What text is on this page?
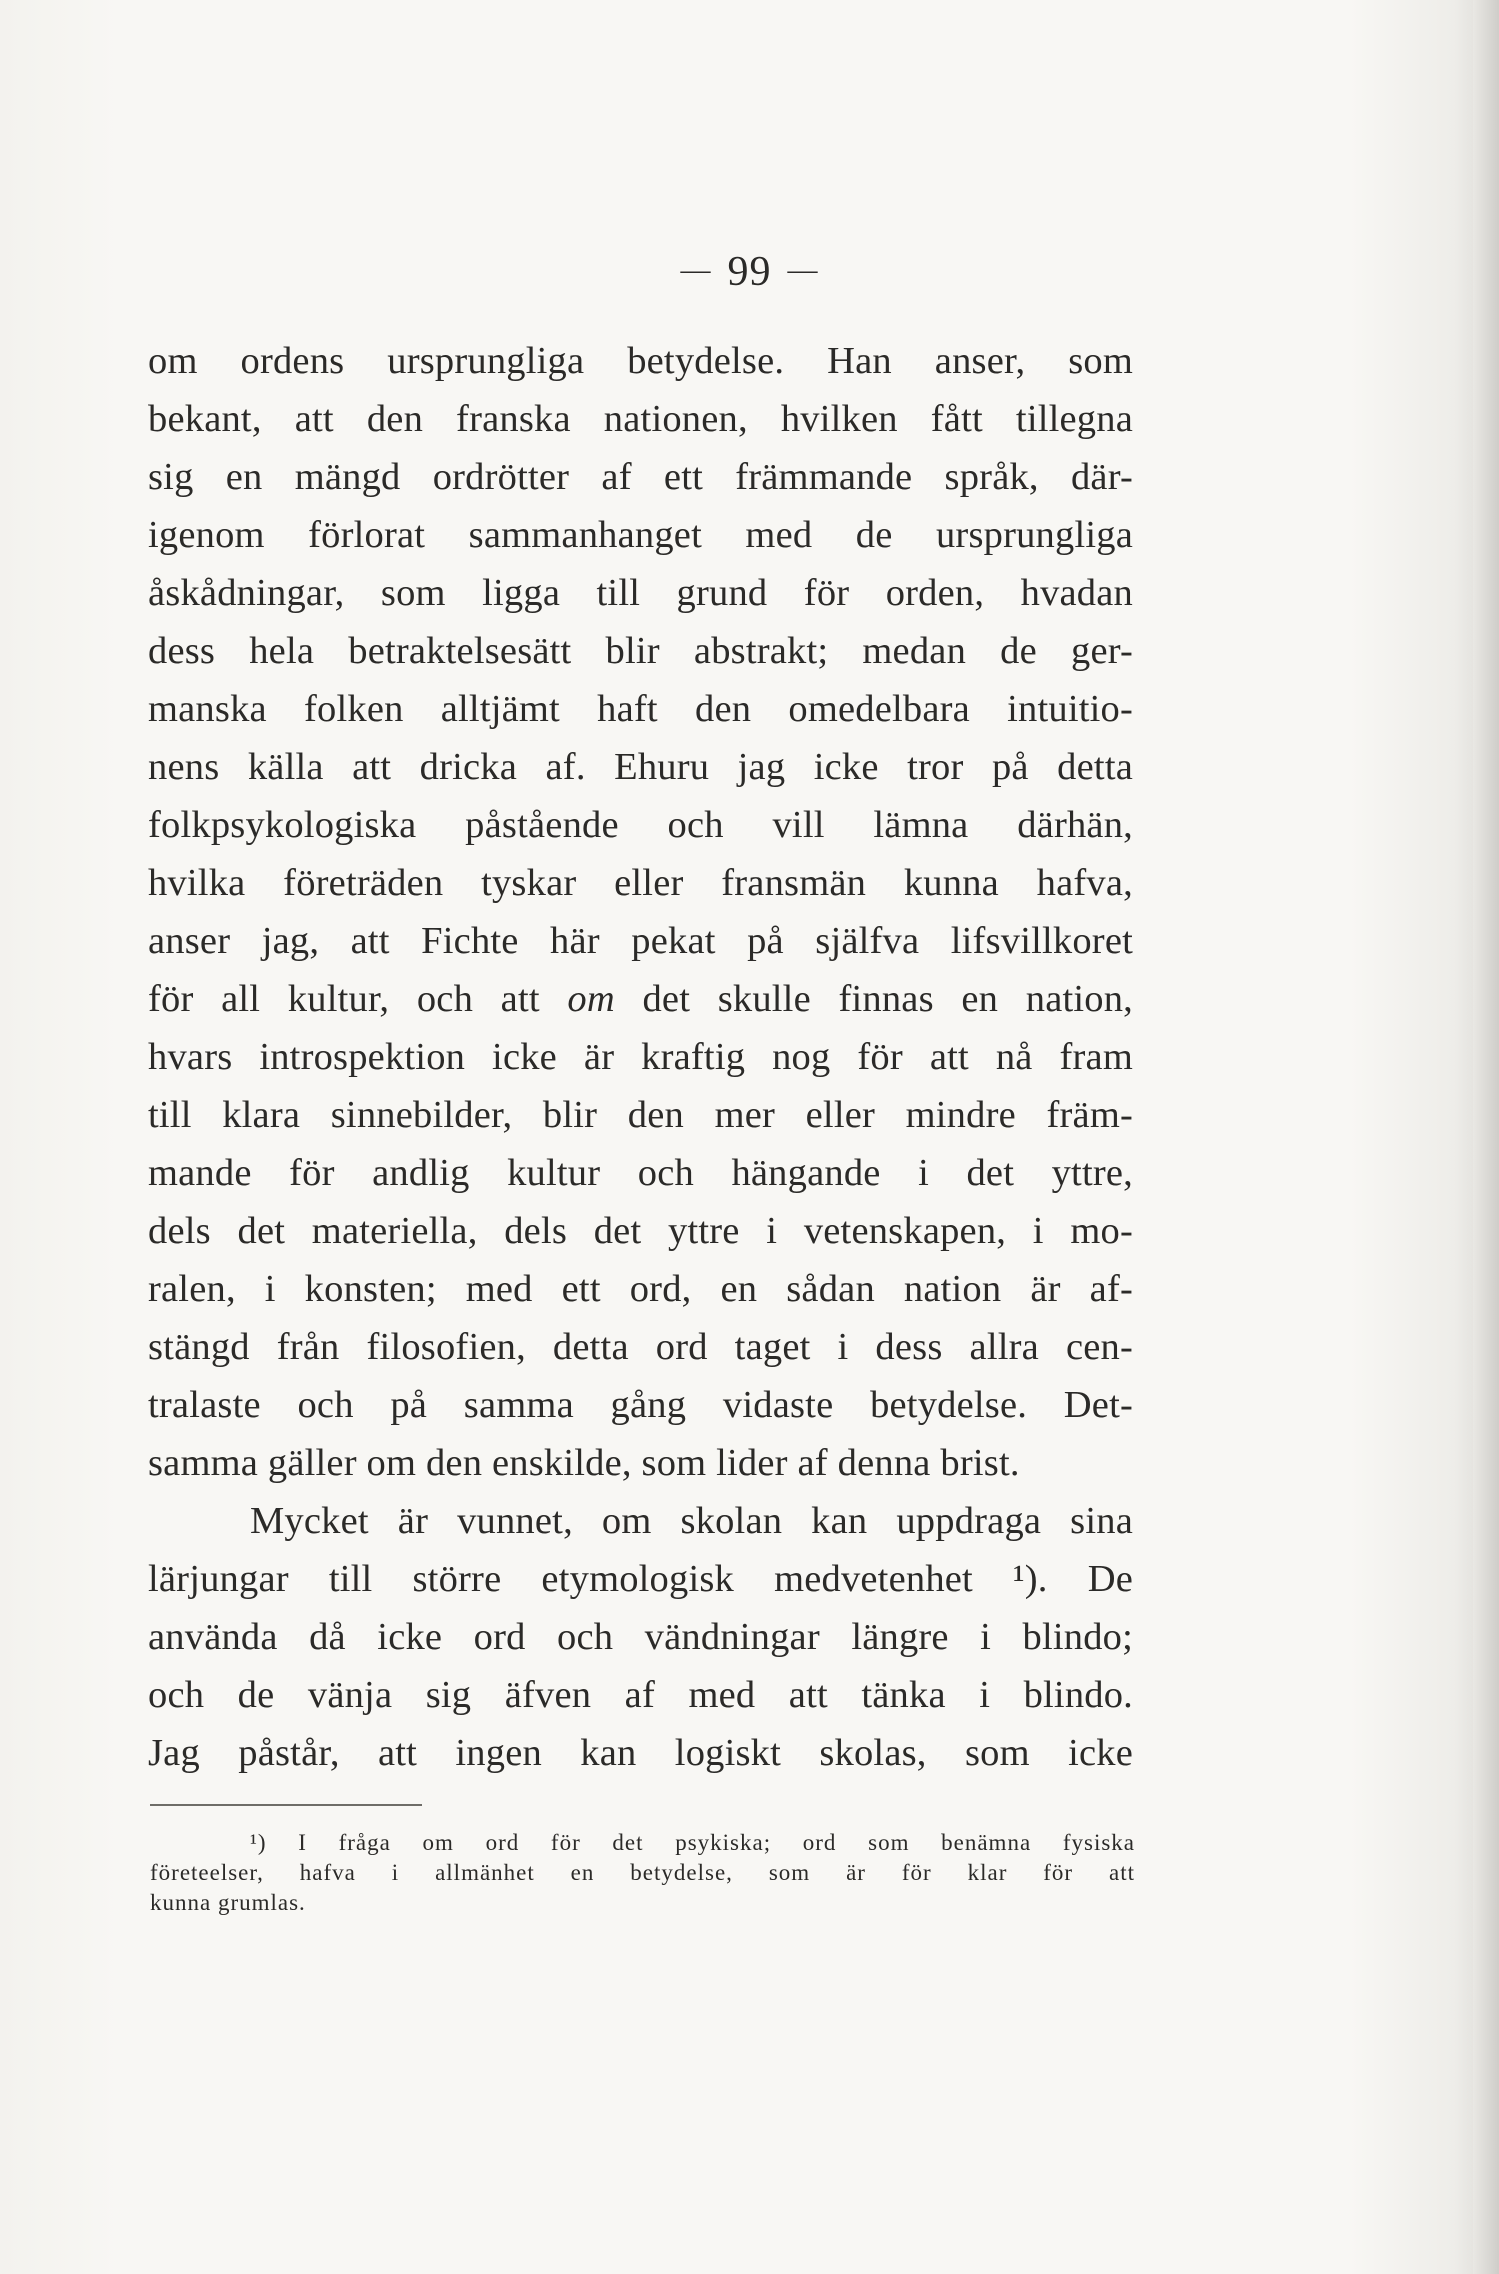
— 99 —
om ordens ursprungliga betydelse. Han anser, som
bekant, att den franska nationen, hvilken fått tillegna
sig en mängd ordrötter af ett främmande språk, där-
igenom förlorat sammanhanget med de ursprungliga
åskådningar, som ligga till grund för orden, hvadan
dess hela betraktelsesätt blir abstrakt; medan de ger-
manska folken alltjämt haft den omedelbara intuitio-
nens källa att dricka af. Ehuru jag icke tror på detta
folkpsykologiska påstående och vill lämna därhän,
hvilka företräden tyskar eller fransmän kunna hafva,
anser jag, att Fichte här pekat på själfva lifsvillkoret
för all kultur, och att om det skulle finnas en nation,
hvars introspektion icke är kraftig nog för att nå fram
till klara sinnebilder, blir den mer eller mindre främ-
mande för andlig kultur och hängande i det yttre,
dels det materiella, dels det yttre i vetenskapen, i mo-
ralen, i konsten; med ett ord, en sådan nation är af-
stängd från filosofien, detta ord taget i dess allra cen-
tralaste och på samma gång vidaste betydelse. Det-
samma gäller om den enskilde, som lider af denna brist.
Mycket är vunnet, om skolan kan uppdraga sina
lärjungar till större etymologisk medvetenhet ¹). De
använda då icke ord och vändningar längre i blindo;
och de vänja sig äfven af med att tänka i blindo.
Jag påstår, att ingen kan logiskt skolas, som icke
¹) I fråga om ord för det psykiska; ord som benämna fysiska
företeelser, hafva i allmänhet en betydelse, som är för klar för att
kunna grumlas.
